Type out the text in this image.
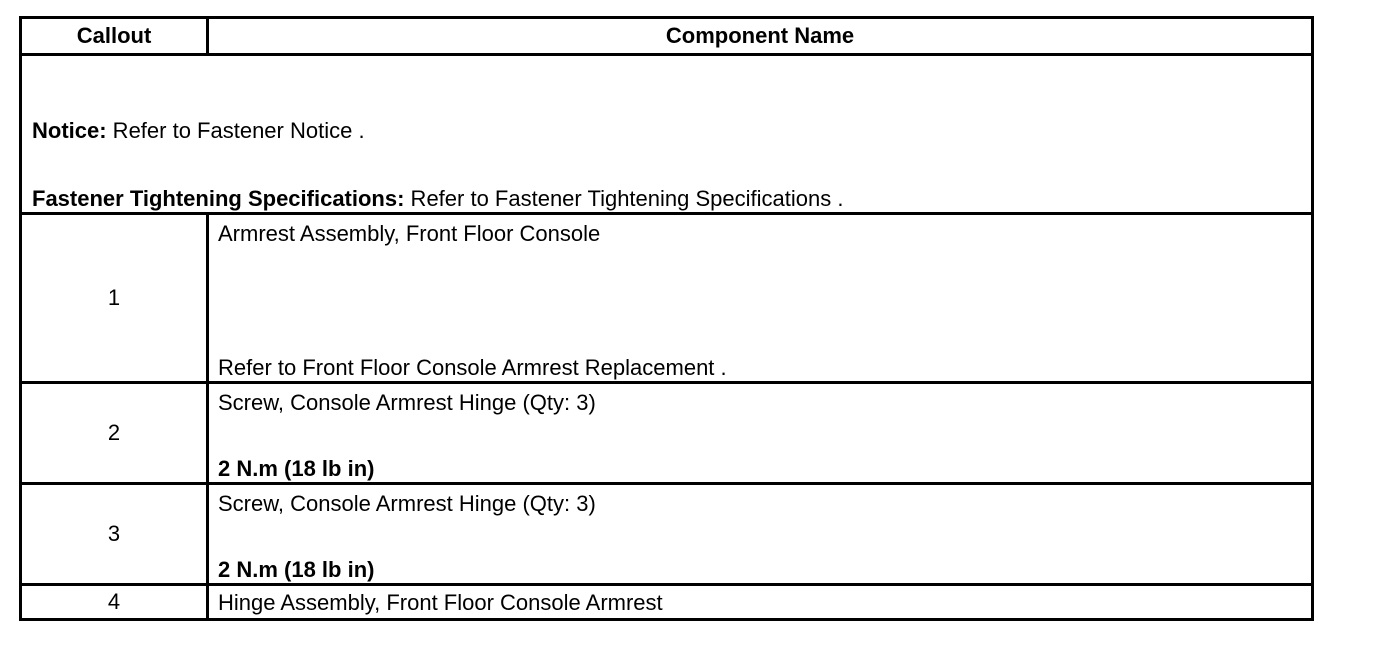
Callout	Component Name

Notice: Refer to Fastener Notice .
Fastener Tightening Specifications: Refer to Fastener Tightening Specifications .	

1	Armrest Assembly, Front Floor Console
Refer to Front Floor Console Armrest Replacement .

2	Screw, Console Armrest Hinge (Qty: 3)
2 N.m (18 lb in)

3	Screw, Console Armrest Hinge (Qty: 3)
2 N.m (18 lb in)

4	Hinge Assembly, Front Floor Console Armrest
